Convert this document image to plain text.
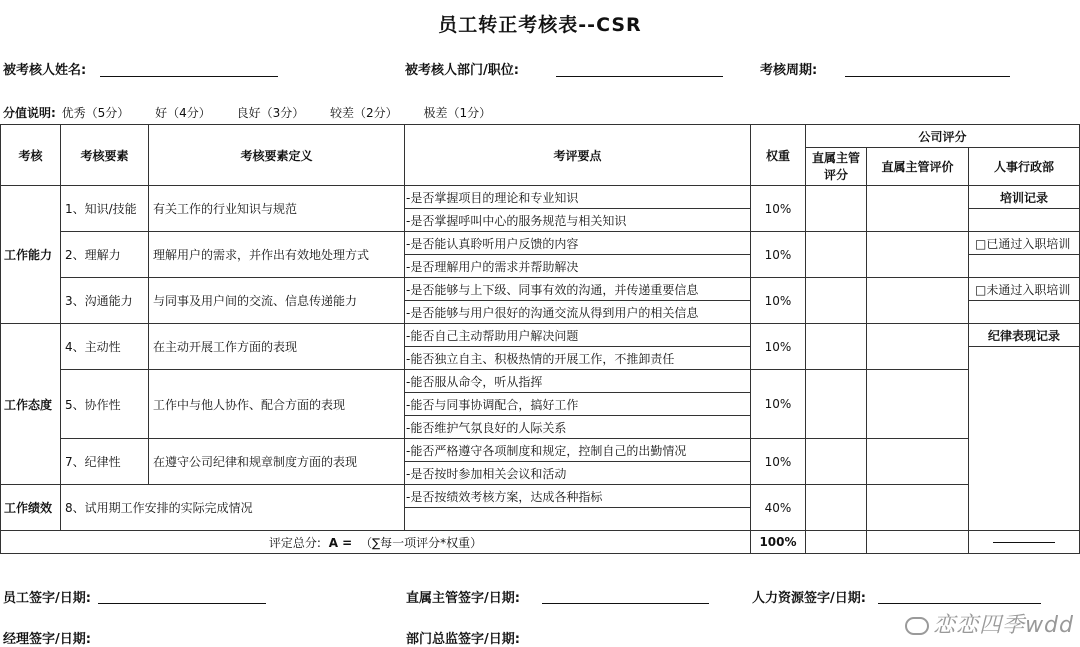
员工转正考核表--CSR
被考核人姓名:	被考核人部门/职位:	考核周期:
分值说明: 优秀（5分） 好（4分） 良好（3分） 较差（2分） 极差（1分）
考核	考核要素	考核要素定义	考评要点	权重	公司评分		
					直属主管评分	直属主管评价	人事行政部

工作能力	1、知识/技能	有关工作的行业知识与规范	-是否掌握项目的理论和专业知识	10%			培训记录
			-是否掌握呼叫中心的服务规范与相关知识				
	2、理解力	理解用户的需求，并作出有效地处理方式	-是否能认真聆听用户反馈的内容	10%			□已通过入职培训
			-是否理解用户的需求并帮助解决				
	3、沟通能力	与同事及用户间的交流、信息传递能力	-是否能够与上下级、同事有效的沟通，并传递重要信息	10%			□未通过入职培训
			-是否能够与用户很好的沟通交流从得到用户的相关信息				
工作态度	4、主动性	在主动开展工作方面的表现	-能否自己主动帮助用户解决问题	10%			纪律表现记录
			-能否独立自主、积极热情的开展工作，不推卸责任				
	5、协作性	工作中与他人协作、配合方面的表现	-能否服从命令，听从指挥	10%			
			-能否与同事协调配合，搞好工作				
			-能否维护气氛良好的人际关系				
	7、纪律性	在遵守公司纪律和规章制度方面的表现	-能否严格遵守各项制度和规定，控制自己的出勤情况	10%			
			-是否按时参加相关会议和活动				
工作绩效	8、试用期工作安排的实际完成情况		-是否按绩效考核方案，达成各种指标	40%			

评定总分: A = （∑每一项评分*权重）				100%			
员工签字/日期:	直属主管签字/日期:	人力资源签字/日期:
经理签字/日期:	部门总监签字/日期:
恋恋四季wdd
